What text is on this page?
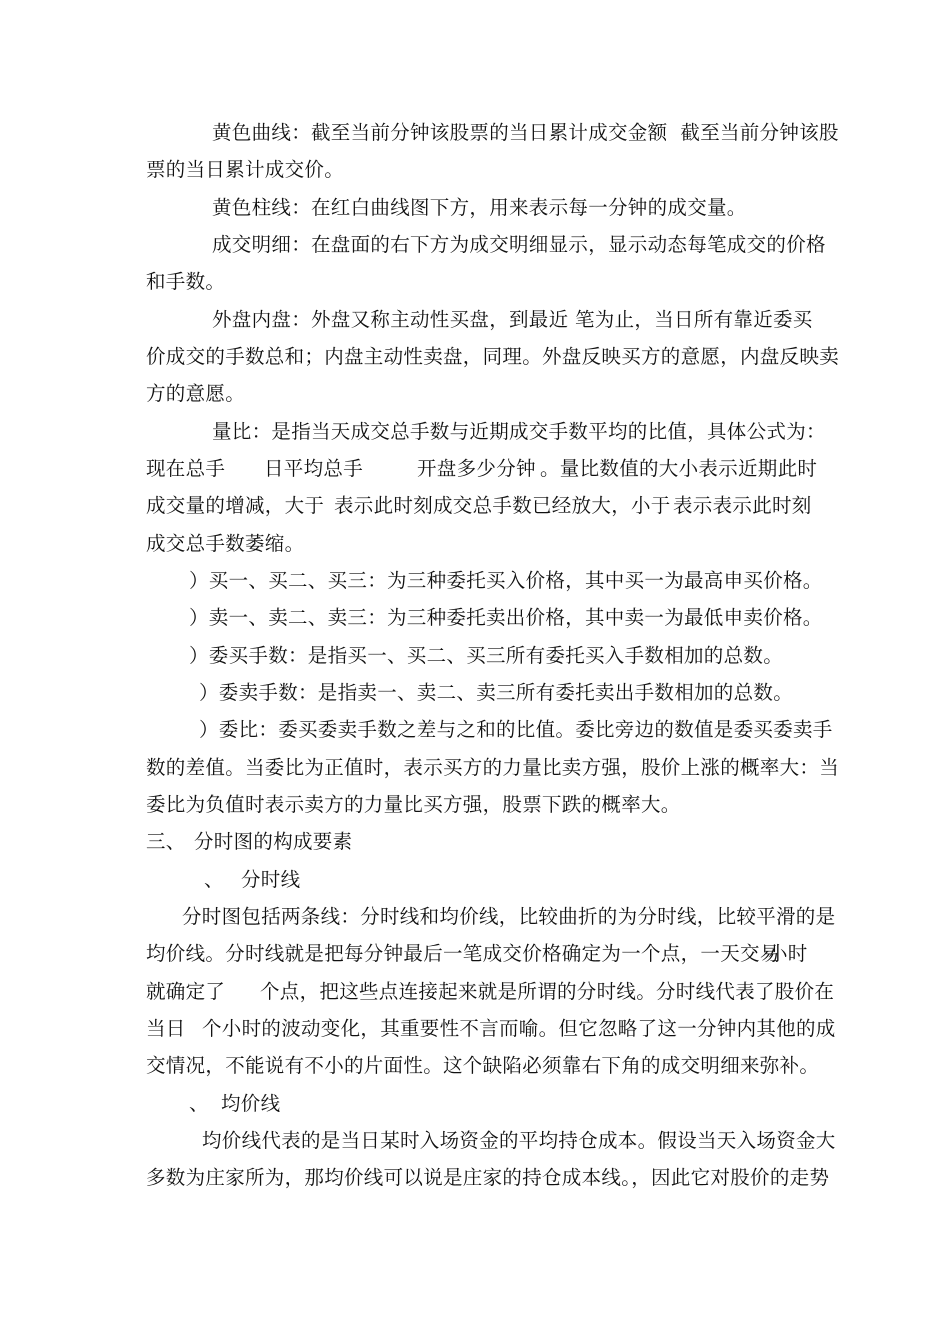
黄色曲线：截至当前分钟该股票的当日累计成交金额  截至当前分钟该股

票的当日累计成交价。

黄色柱线：在红白曲线图下方，用来表示每一分钟的成交量。

成交明细：在盘面的右下方为成交明细显示，显示动态每笔成交的价格

和手数。

外盘内盘：外盘又称主动性买盘，到最近

笔为止，当日所有靠近委买

价成交的手数总和；内盘主动性卖盘，同理。外盘反映买方的意愿，内盘反映卖

方的意愿。

量比：是指当天成交总手数与近期成交手数平均的比值，具体公式为：

现在总手

日平均总手

	开盘多少分钟

。量比数值的大小表示近期此时

成交量的增减，大于

表示此时刻成交总手数已经放大，小于

表示表示此时刻

成交总手数萎缩。

）买一、买二、买三：为三种委托买入价格，其中买一为最高申买价格。

）卖一、卖二、卖三：为三种委托卖出价格，其中卖一为最低申卖价格。

）委买手数：是指买一、买二、买三所有委托买入手数相加的总数。

）委卖手数：是指卖一、卖二、卖三所有委托卖出手数相加的总数。

）委比：委买委卖手数之差与之和的比值。委比旁边的数值是委买委卖手

数的差值。当委比为正值时，表示买方的力量比卖方强，股价上涨的概率大：当

委比为负值时表示卖方的力量比买方强，股票下跌的概率大。

三、

分时图的构成要素

、

分时线

分时图包括两条线：分时线和均价线，比较曲折的为分时线，比较平滑的是

均价线。分时线就是把每分钟最后一笔成交价格确定为一个点，一天交易

小时

就确定了

个点，把这些点连接起来就是所谓的分时线。分时线代表了股价在

当日

个小时的波动变化，其重要性不言而喻。但它忽略了这一分钟内其他的成

交情况，不能说有不小的片面性。这个缺陷必须靠右下角的成交明细来弥补。

、

均价线

均价线代表的是当日某时入场资金的平均持仓成本。假设当天入场资金大

多数为庄家所为，那均价线可以说是庄家的持仓成本线。，因此它对股价的走势
